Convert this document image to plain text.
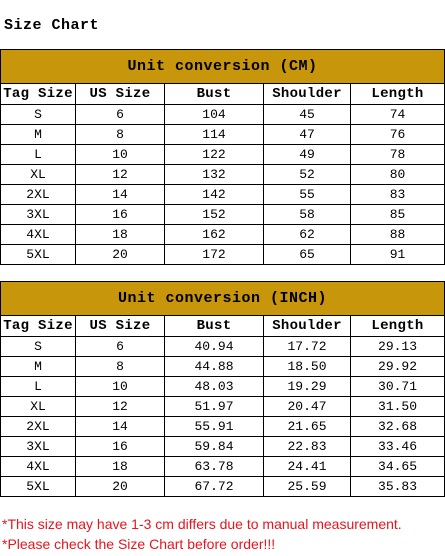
Size Chart
Unit conversion (CM)				
Tag Size	US Size	Bust	Shoulder	Length
S	6	104	45	74
M	8	114	47	76
L	10	122	49	78
XL	12	132	52	80
2XL	14	142	55	83
3XL	16	152	58	85
4XL	18	162	62	88
5XL	20	172	65	91
Unit conversion (INCH)				
Tag Size	US Size	Bust	Shoulder	Length
S	6	40.94	17.72	29.13
M	8	44.88	18.50	29.92
L	10	48.03	19.29	30.71
XL	12	51.97	20.47	31.50
2XL	14	55.91	21.65	32.68
3XL	16	59.84	22.83	33.46
4XL	18	63.78	24.41	34.65
5XL	20	67.72	25.59	35.83
*This size may have 1-3 cm differs due to manual measurement.
*Please check the Size Chart before order!!!
